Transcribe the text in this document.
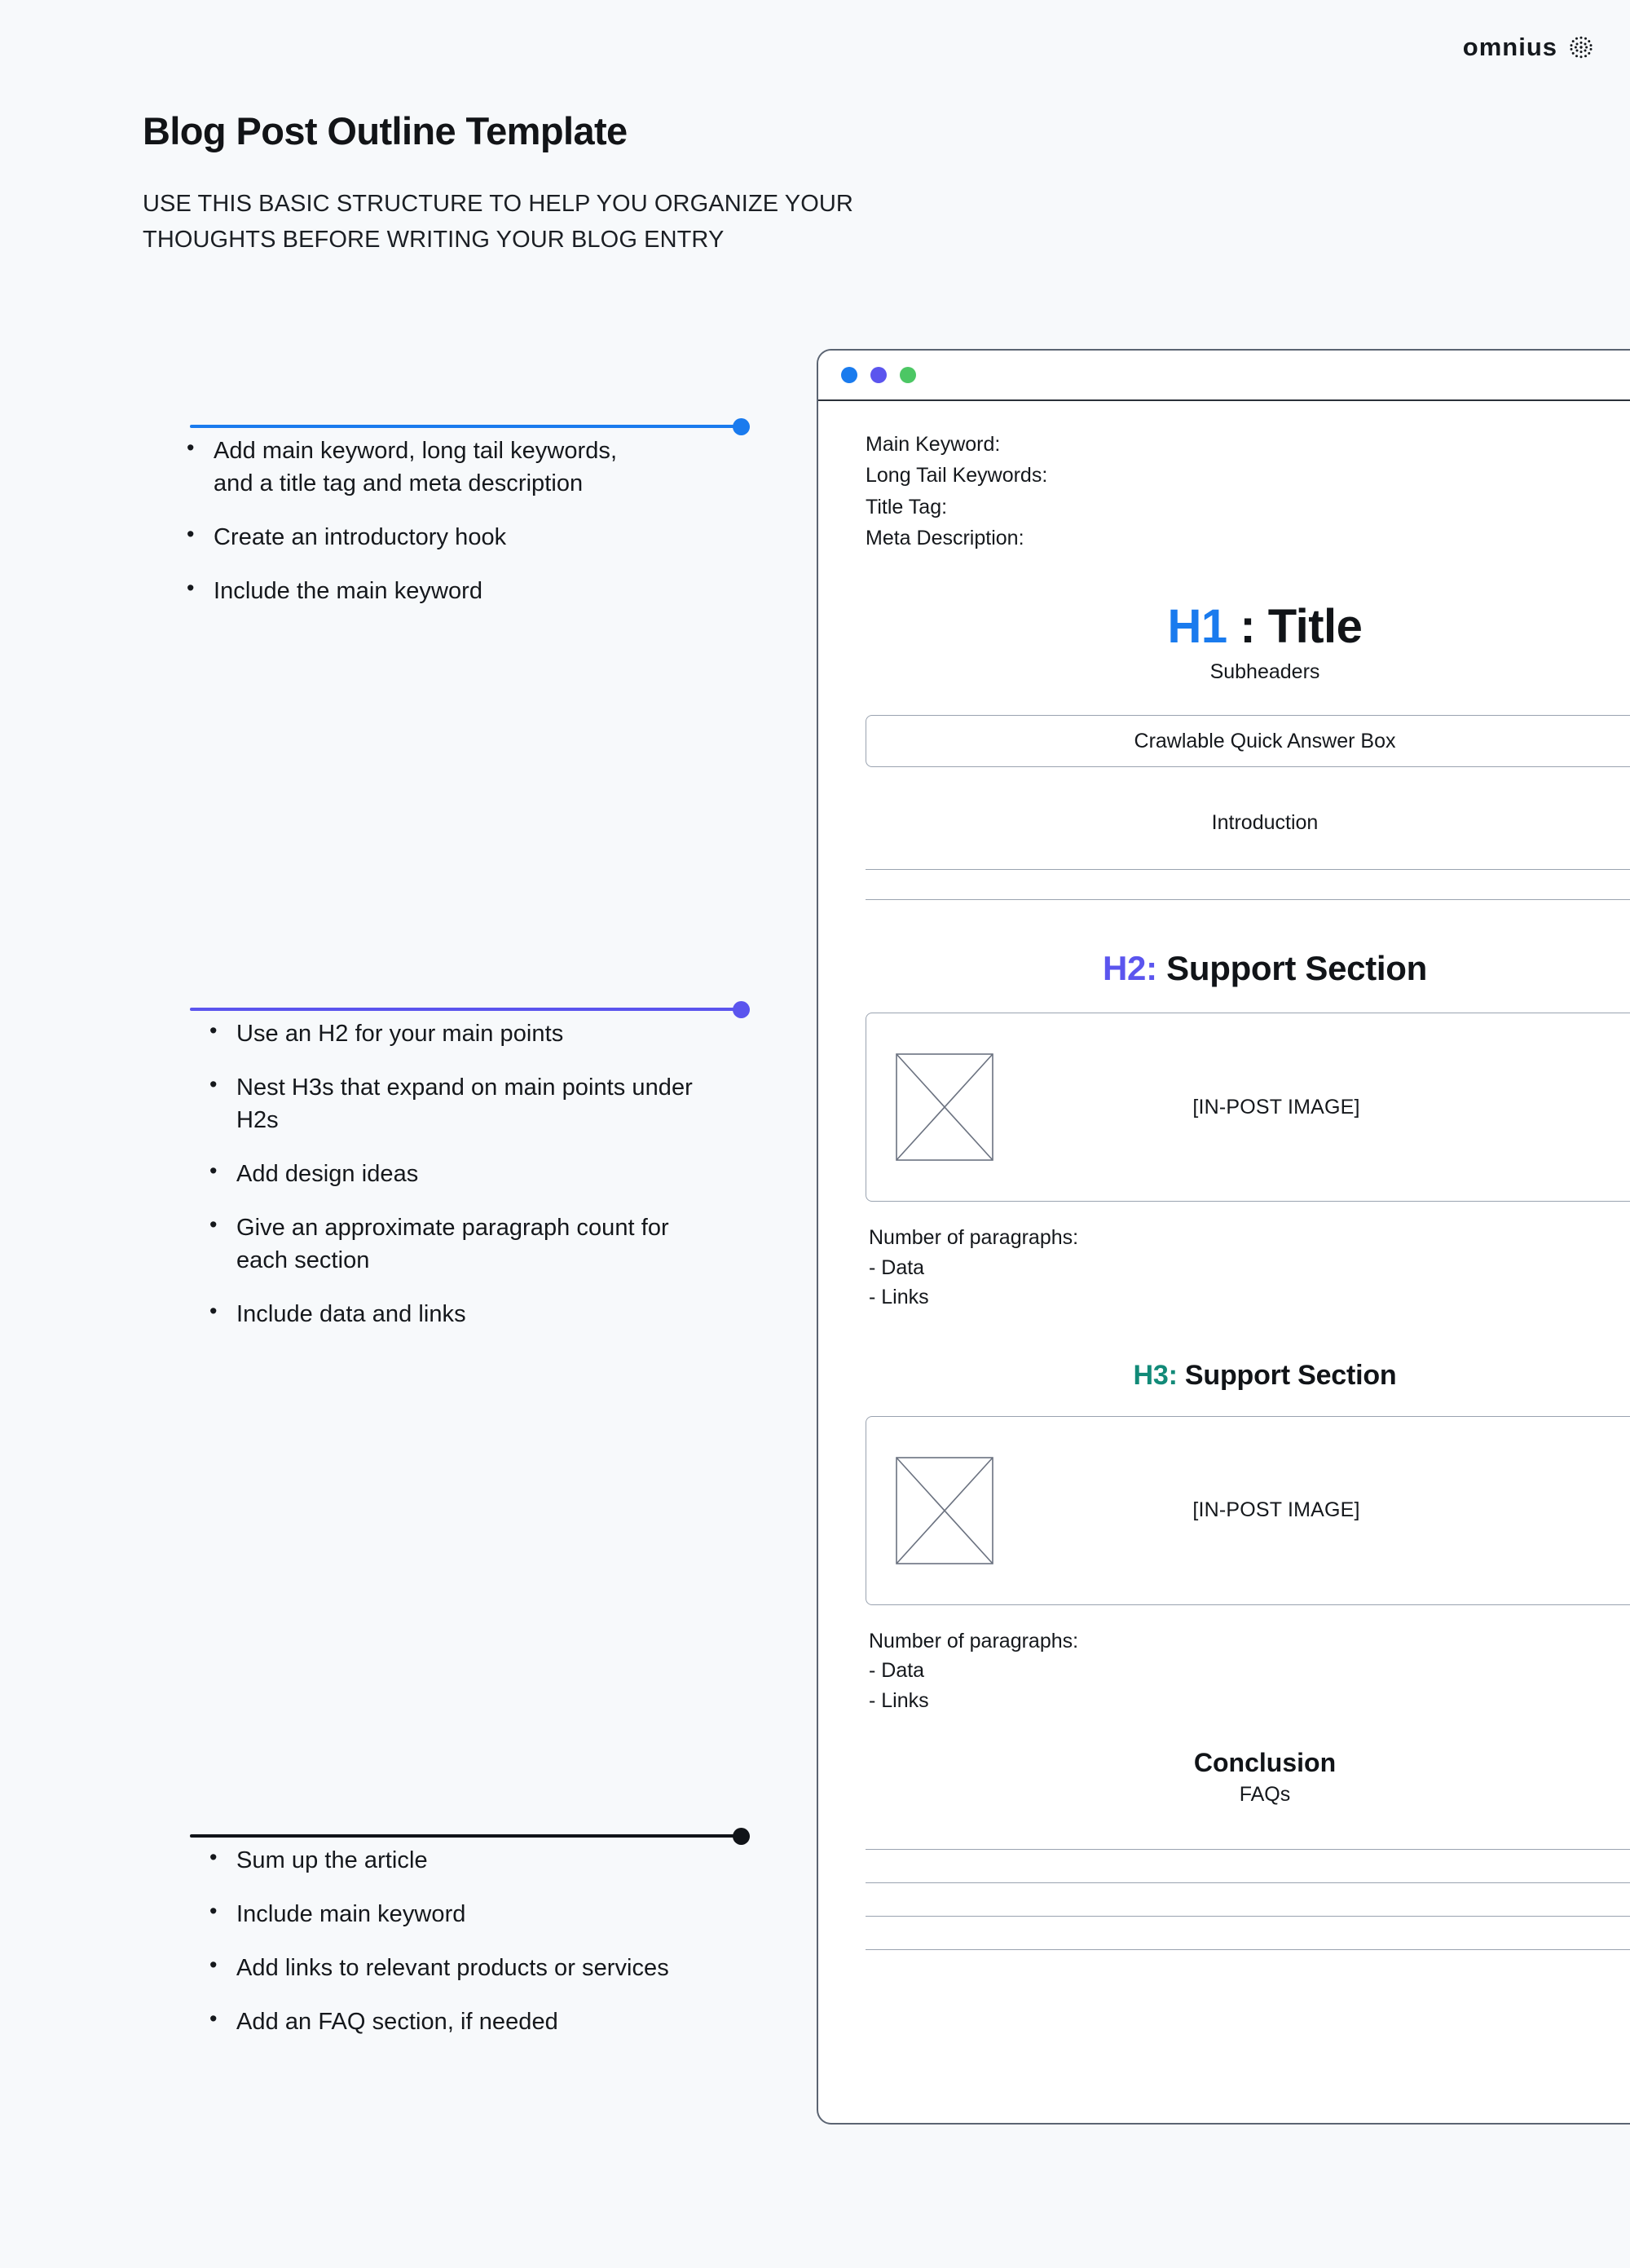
omnius
Blog Post Outline Template
USE THIS BASIC STRUCTURE TO HELP YOU ORGANIZE YOUR THOUGHTS BEFORE WRITING YOUR BLOG ENTRY
• Add main keyword, long tail keywords, and a title tag and meta description
• Create an introductory hook
• Include the main keyword
• Use an H2 for your main points
• Nest H3s that expand on main points under H2s
• Add design ideas
• Give an approximate paragraph count for each section
• Include data and links
• Sum up the article
• Include main keyword
• Add links to relevant products or services
• Add an FAQ section, if needed
Main Keyword:
Long Tail Keywords:
Title Tag:
Meta Description:
H1 : Title
Subheaders
Crawlable Quick Answer Box
Introduction
H2: Support Section
[IN-POST IMAGE]
Number of paragraphs:
- Data
- Links
H3: Support Section
[IN-POST IMAGE]
Number of paragraphs:
- Data
- Links
Conclusion
FAQs
